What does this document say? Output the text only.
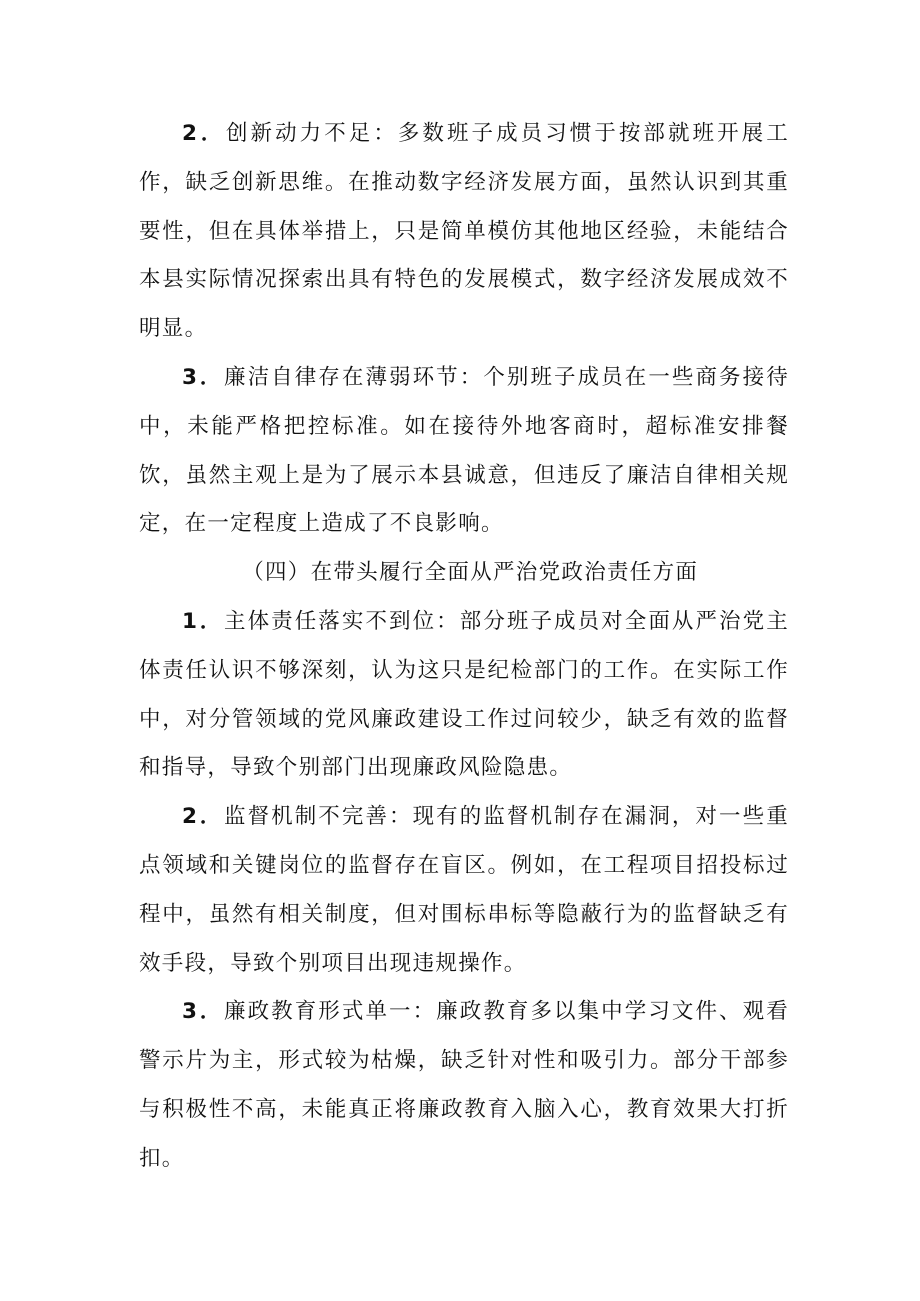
2．创新动力不足：多数班子成员习惯于按部就班开展工作，缺乏创新思维。在推动数字经济发展方面，虽然认识到其重要性，但在具体举措上，只是简单模仿其他地区经验，未能结合本县实际情况探索出具有特色的发展模式，数字经济发展成效不明显。

3．廉洁自律存在薄弱环节：个别班子成员在一些商务接待中，未能严格把控标准。如在接待外地客商时，超标准安排餐饮，虽然主观上是为了展示本县诚意，但违反了廉洁自律相关规定，在一定程度上造成了不良影响。

（四）在带头履行全面从严治党政治责任方面

1．主体责任落实不到位：部分班子成员对全面从严治党主体责任认识不够深刻，认为这只是纪检部门的工作。在实际工作中，对分管领域的党风廉政建设工作过问较少，缺乏有效的监督和指导，导致个别部门出现廉政风险隐患。

2．监督机制不完善：现有的监督机制存在漏洞，对一些重点领域和关键岗位的监督存在盲区。例如，在工程项目招投标过程中，虽然有相关制度，但对围标串标等隐蔽行为的监督缺乏有效手段，导致个别项目出现违规操作。

3．廉政教育形式单一：廉政教育多以集中学习文件、观看警示片为主，形式较为枯燥，缺乏针对性和吸引力。部分干部参与积极性不高，未能真正将廉政教育入脑入心，教育效果大打折扣。
